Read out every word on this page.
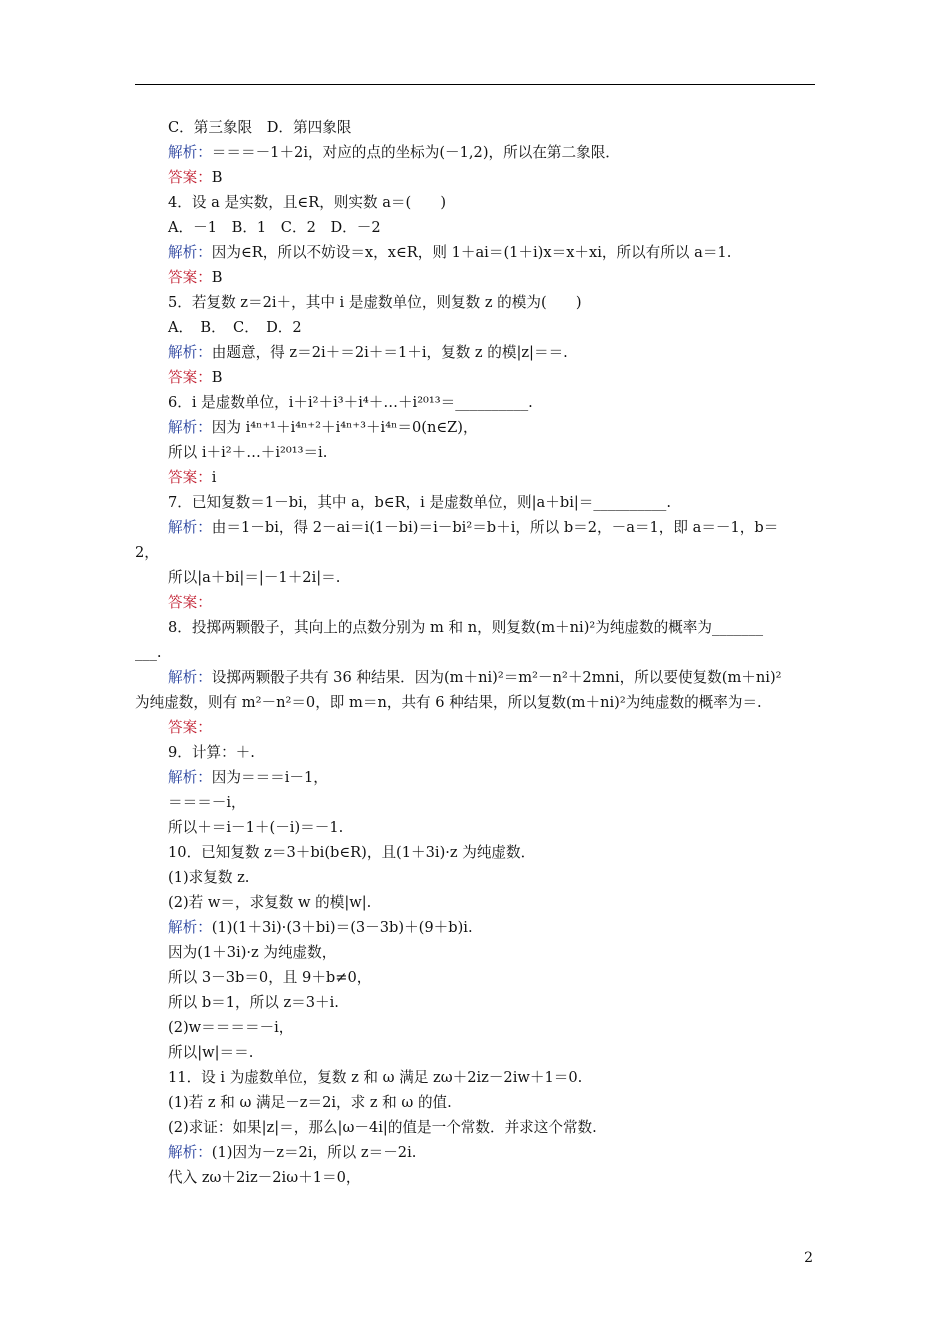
C．第三象限　D．第四象限
解析：＝＝＝－1＋2i，对应的点的坐标为(－1,2)，所以在第二象限．
答案：B
4．设 a 是实数，且∈R，则实数 a＝(　　)
A．－1　B．1　C．2　D．－2
解析：因为∈R，所以不妨设＝x，x∈R，则 1＋ai＝(1＋i)x＝x＋xi，所以有所以 a＝1.
答案：B
5．若复数 z＝2i＋，其中 i 是虚数单位，则复数 z 的模为(　　)
A．　B．　C．　D．2
解析：由题意，得 z＝2i＋＝2i＋＝1＋i，复数 z 的模|z|＝＝.
答案：B
6．i 是虚数单位，i＋i²＋i³＋i⁴＋…＋i²⁰¹³＝__________.
解析：因为 i⁴ⁿ⁺¹＋i⁴ⁿ⁺²＋i⁴ⁿ⁺³＋i⁴ⁿ＝0(n∈Z)，
所以 i＋i²＋…＋i²⁰¹³＝i.
答案：i
7．已知复数＝1－bi，其中 a，b∈R，i 是虚数单位，则|a＋bi|＝__________.
解析：由＝1－bi，得 2－ai＝i(1－bi)＝i－bi²＝b＋i，所以 b＝2，－a＝1，即 a＝－1，b＝
2，
所以|a＋bi|＝|－1＋2i|＝.
答案：
8．投掷两颗骰子，其向上的点数分别为 m 和 n，则复数(m＋ni)²为纯虚数的概率为_______
___.
解析：设掷两颗骰子共有 36 种结果．因为(m＋ni)²＝m²－n²＋2mni，所以要使复数(m＋ni)²
为纯虚数，则有 m²－n²＝0，即 m＝n，共有 6 种结果，所以复数(m＋ni)²为纯虚数的概率为＝.
答案：
9．计算：＋.
解析：因为＝＝＝i－1，
＝＝＝－i，
所以＋＝i－1＋(－i)＝－1.
10．已知复数 z＝3＋bi(b∈R)，且(1＋3i)·z 为纯虚数．
(1)求复数 z.
(2)若 w＝，求复数 w 的模|w|.
解析：(1)(1＋3i)·(3＋bi)＝(3－3b)＋(9＋b)i.
因为(1＋3i)·z 为纯虚数，
所以 3－3b＝0，且 9＋b≠0，
所以 b＝1，所以 z＝3＋i.
(2)w＝＝＝＝－i，
所以|w|＝＝.
11．设 i 为虚数单位，复数 z 和 ω 满足 zω＋2iz－2iw＋1＝0.
(1)若 z 和 ω 满足－z＝2i，求 z 和 ω 的值.
(2)求证：如果|z|＝，那么|ω－4i|的值是一个常数．并求这个常数.
解析：(1)因为－z＝2i，所以 z＝－2i.
代入 zω＋2iz－2iω＋1＝0，
2
